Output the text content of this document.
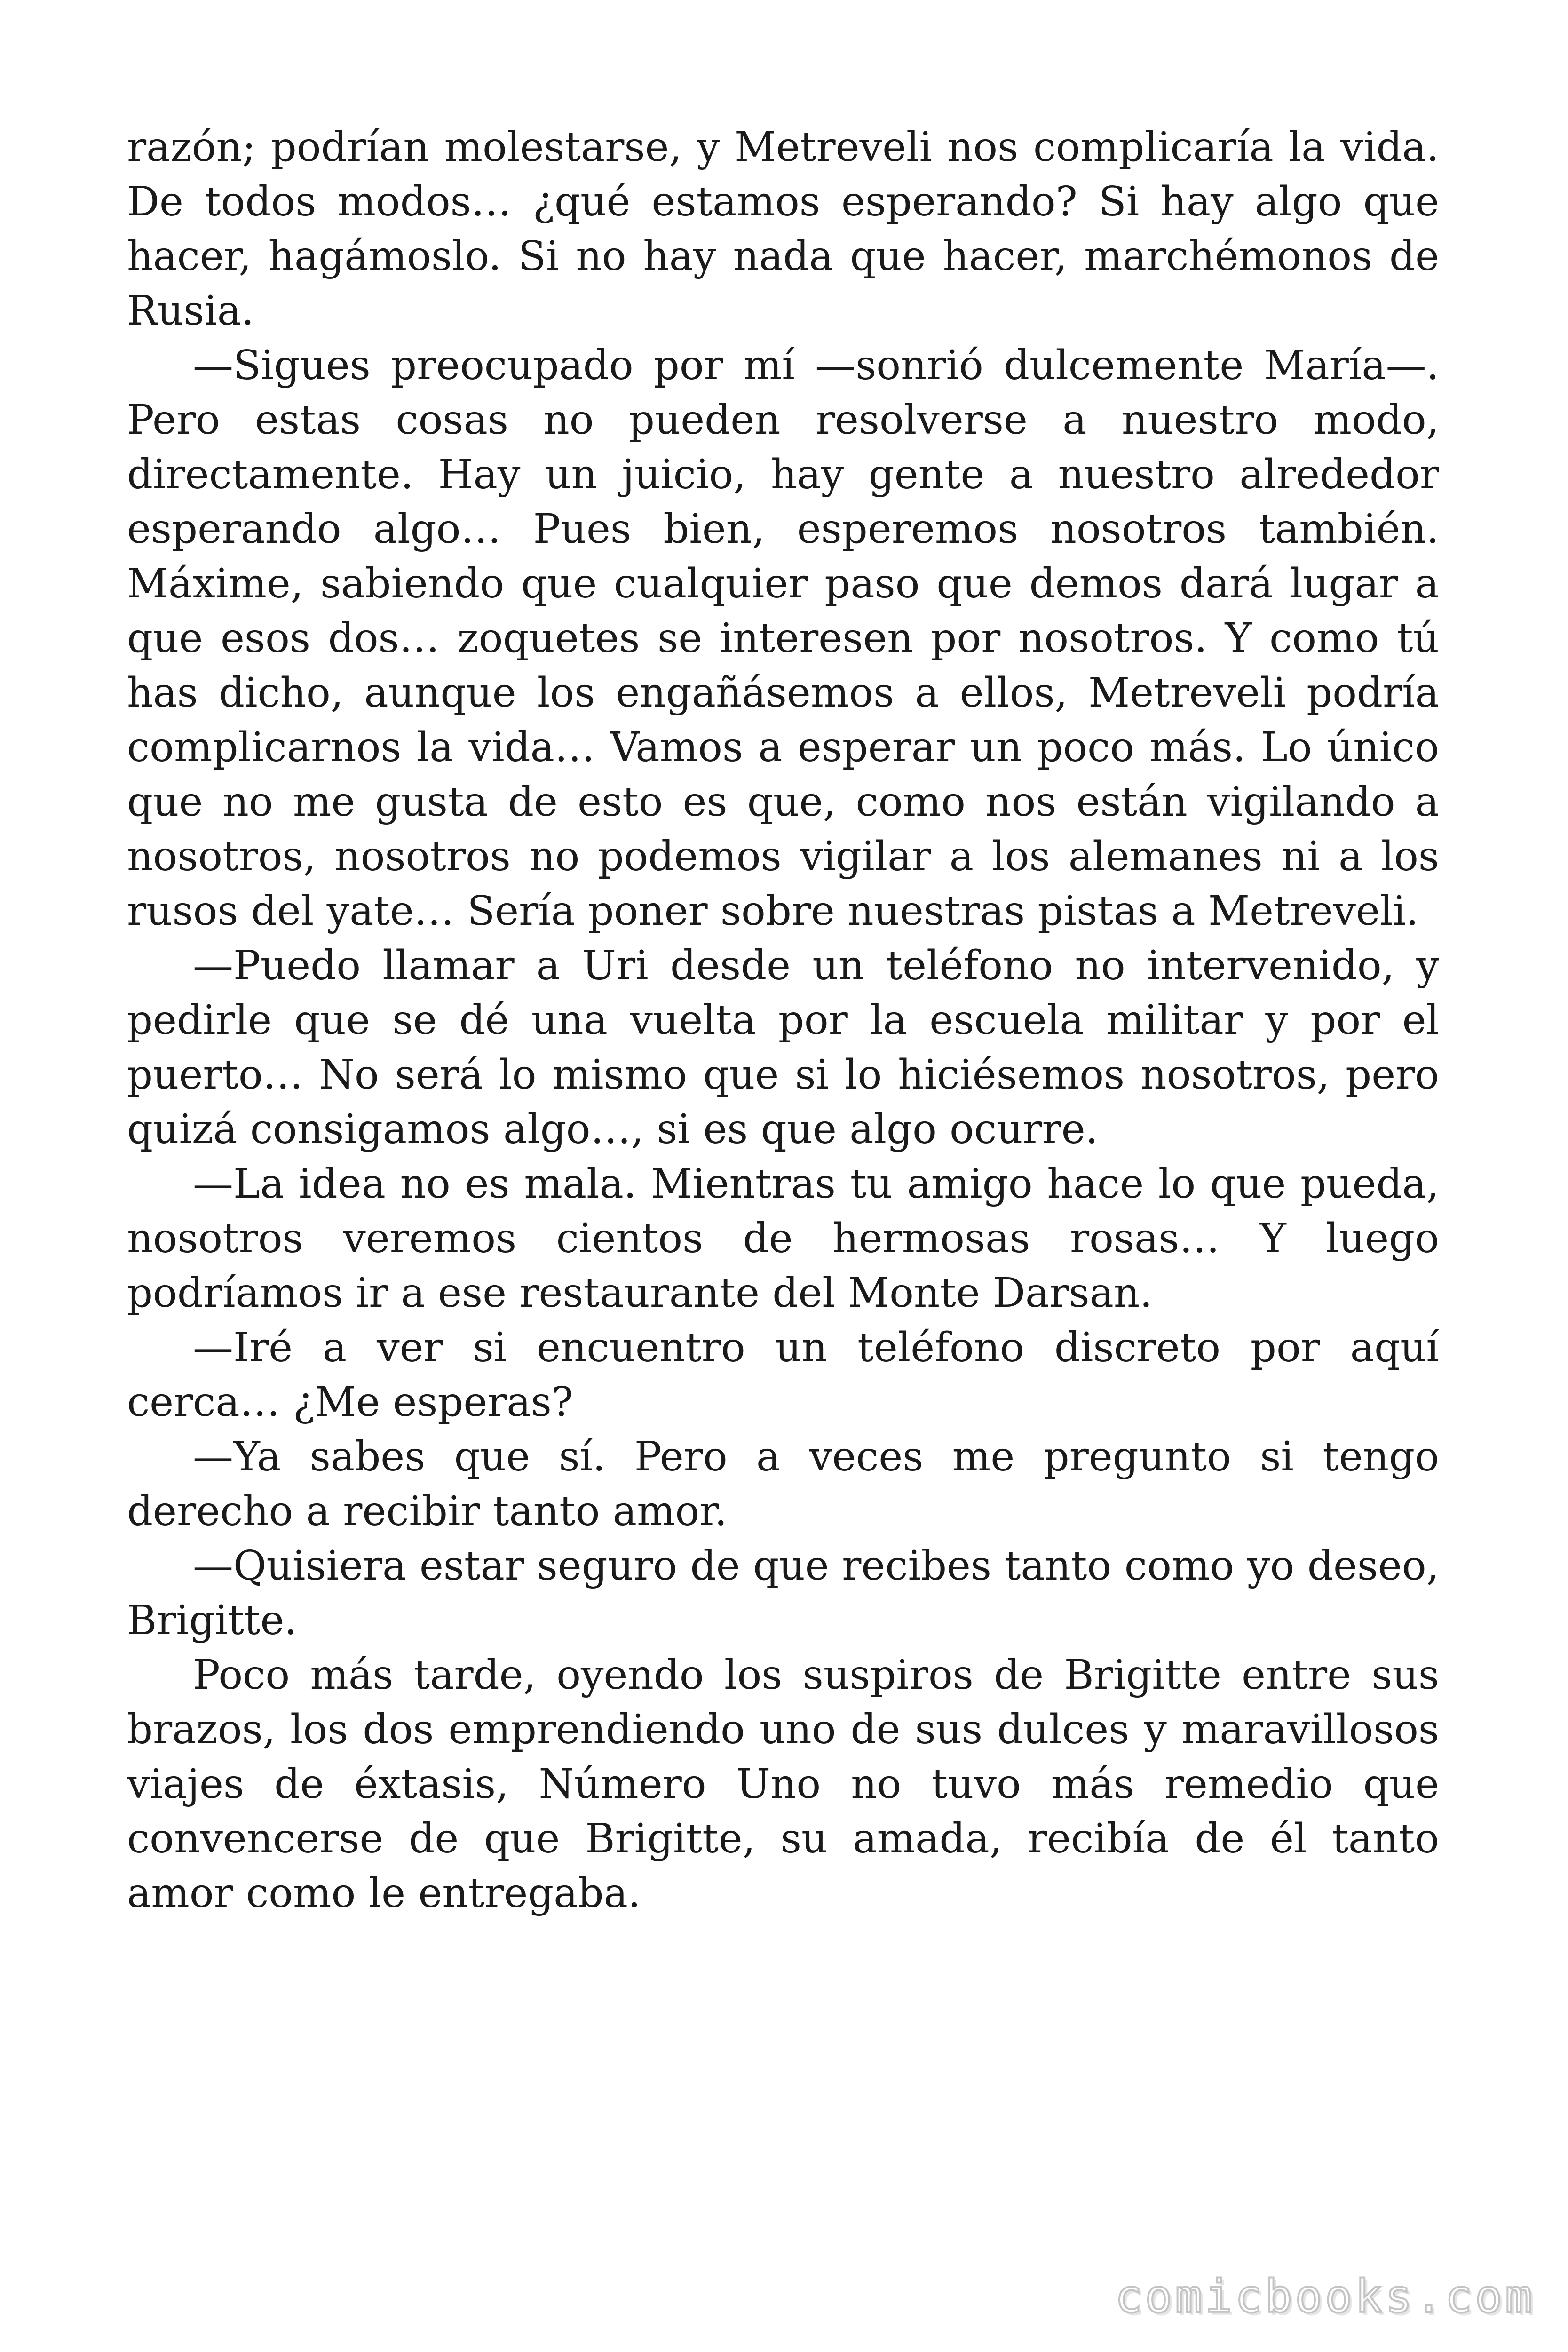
razón; podrían molestarse, y Metreveli nos complicaría la vida. De todos modos… ¿qué estamos esperando? Si hay algo que hacer, hagámoslo. Si no hay nada que hacer, marchémonos de Rusia.

—Sigues preocupado por mí —sonrió dulcemente María—. Pero estas cosas no pueden resolverse a nuestro modo, directamente. Hay un juicio, hay gente a nuestro alrededor esperando algo… Pues bien, esperemos nosotros también. Máxime, sabiendo que cualquier paso que demos dará lugar a que esos dos… zoquetes se interesen por nosotros. Y como tú has dicho, aunque los engañásemos a ellos, Metreveli podría complicarnos la vida… Vamos a esperar un poco más. Lo único que no me gusta de esto es que, como nos están vigilando a nosotros, nosotros no podemos vigilar a los alemanes ni a los rusos del yate… Sería poner sobre nuestras pistas a Metreveli.

—Puedo llamar a Uri desde un teléfono no intervenido, y pedirle que se dé una vuelta por la escuela militar y por el puerto… No será lo mismo que si lo hiciésemos nosotros, pero quizá consigamos algo…, si es que algo ocurre.

—La idea no es mala. Mientras tu amigo hace lo que pueda, nosotros veremos cientos de hermosas rosas… Y luego podríamos ir a ese restaurante del Monte Darsan.

—Iré a ver si encuentro un teléfono discreto por aquí cerca… ¿Me esperas?

—Ya sabes que sí. Pero a veces me pregunto si tengo derecho a recibir tanto amor.

—Quisiera estar seguro de que recibes tanto como yo deseo, Brigitte.

Poco más tarde, oyendo los suspiros de Brigitte entre sus brazos, los dos emprendiendo uno de sus dulces y maravillosos viajes de éxtasis, Número Uno no tuvo más remedio que convencerse de que Brigitte, su amada, recibía de él tanto amor como le entregaba.

comicbooks.com
